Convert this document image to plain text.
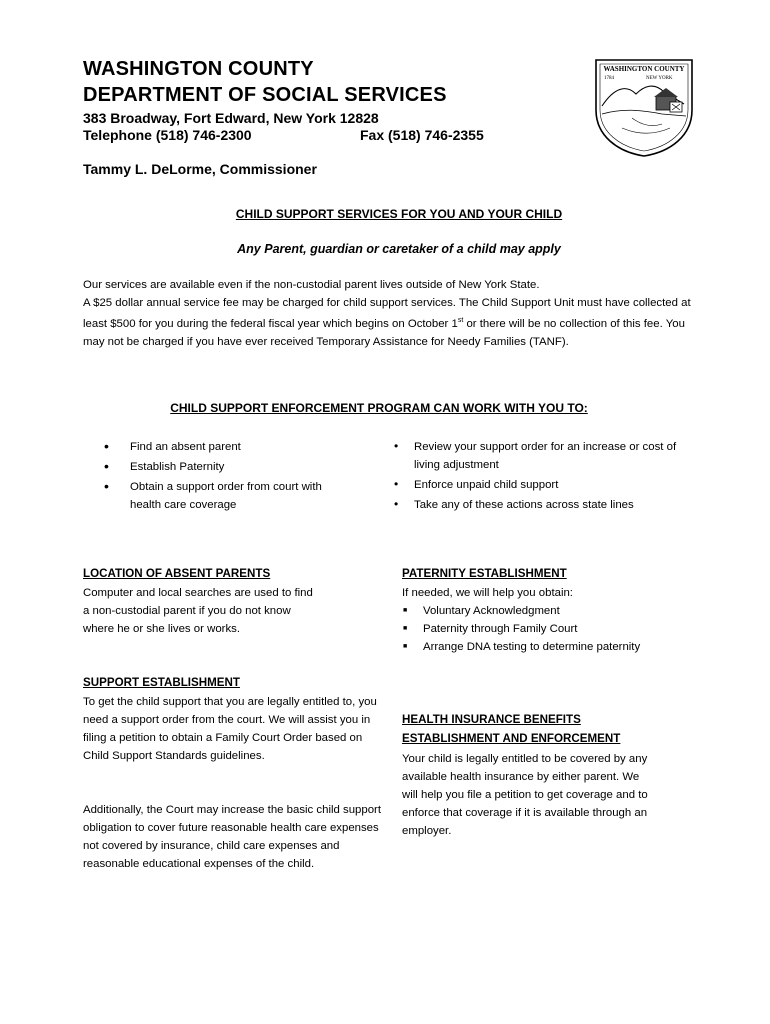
WASHINGTON COUNTY
DEPARTMENT OF SOCIAL SERVICES
383 Broadway, Fort Edward, New York 12828
Telephone (518) 746-2300	Fax (518) 746-2355
Tammy L. DeLorme, Commissioner
WASHINGTON COUNTY
1784	NEW YORK
CHILD SUPPORT SERVICES FOR YOU AND YOUR CHILD
Any Parent, guardian or caretaker of a child may apply

Our services are available even if the non-custodial parent lives outside of New York State.

A $25 dollar annual service fee may be charged for child support services. The Child Support Unit must have collected at least $500 for you during the federal fiscal year which begins on October 1st or there will be no collection of this fee. You may not be charged if you have ever received Temporary Assistance for Needy Families (TANF).

CHILD SUPPORT ENFORCEMENT PROGRAM CAN WORK WITH YOU TO:
• Find an absent parent
• Establish Paternity
• Obtain a support order from court with health care coverage
• Review your support order for an increase or cost of living adjustment
• Enforce unpaid child support
• Take any of these actions across state lines
LOCATION OF ABSENT PARENTS

Computer and local searches are used to find a non-custodial parent if you do not know where he or she lives or works.

SUPPORT ESTABLISHMENT

To get the child support that you are legally entitled to, you need a support order from the court. We will assist you in filing a petition to obtain a Family Court Order based on Child Support Standards guidelines.

Additionally, the Court may increase the basic child support obligation to cover future reasonable health care expenses not covered by insurance, child care expenses and reasonable educational expenses of the child.

PATERNITY ESTABLISHMENT

If needed, we will help you obtain:

■ Voluntary Acknowledgment
■ Paternity through Family Court
■ Arrange DNA testing to determine paternity
HEALTH INSURANCE BENEFITS
ESTABLISHMENT AND ENFORCEMENT

Your child is legally entitled to be covered by any available health insurance by either parent. We will help you file a petition to get coverage and to enforce that coverage if it is available through an employer.
